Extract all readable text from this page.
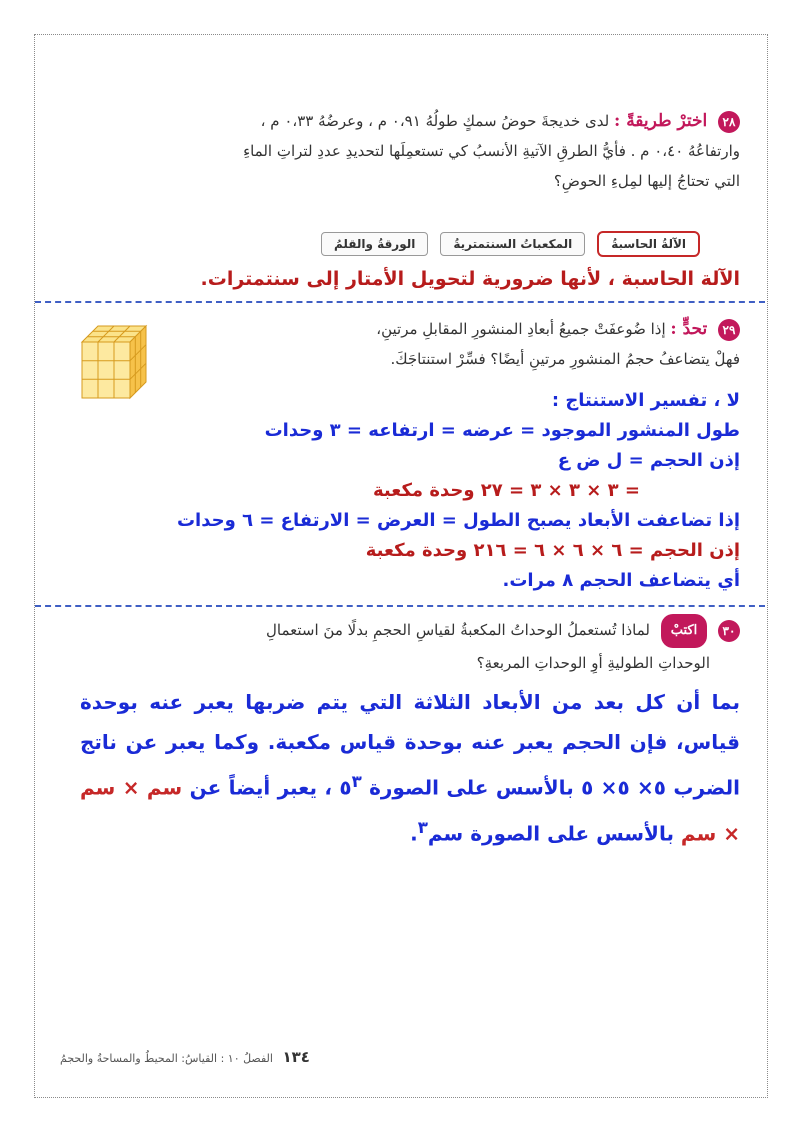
٢٨ اخترْ طريقةً : لدى خديجةَ حوضُ سمكٍ طولُهُ ٠،٩١ م ، وعرضُهُ ٠،٣٣ م ،
وارتفاعُهُ ٠،٤٠ م . فأيُّ الطرقِ الآتيةِ الأنسبُ كي تستعمِلَها لتحديدِ عددِ لتراتِ الماءِ
التي تحتاجُ إليها لمِلءِ الحوضِ؟
الآلةُ الحاسبةُ
المكعباتُ السنتمتريةُ
الورقةُ والقلمُ
الآلة الحاسبة ، لأنها ضرورية لتحويل الأمتار إلى سنتمترات.
٢٩ تحدٍّ : إذا ضُوعفَتْ جميعُ أبعادِ المنشورِ المقابلِ مرتينِ،
فهلْ يتضاعفُ حجمُ المنشورِ مرتينِ أيضًا؟ فسِّرْ استنتاجَكَ.
لا ، تفسير الاستنتاج :
طول المنشور الموجود = عرضه = ارتفاعه = ٣ وحدات
إذن الحجم = ل ض ع
= ٣ × ٣ × ٣ = ٢٧ وحدة مكعبة
إذا تضاعفت الأبعاد يصبح الطول = العرض = الارتفاع = ٦ وحدات
إذن الحجم = ٦ × ٦ × ٦ = ٢١٦ وحدة مكعبة
أي يتضاعف الحجم ٨ مرات.
٣٠ اكتبْ لماذا تُستعملُ الوحداتُ المكعبةُ لقياسِ الحجمِ بدلًا منَ استعمالِ
الوحداتِ الطوليةِ أوِ الوحداتِ المربعةِ؟
بما أن كل بعد من الأبعاد الثلاثة التي يتم ضربها يعبر عنه بوحدة قياس، فإن الحجم يعبر عنه بوحدة قياس مكعبة. وكما يعبر عن ناتج الضرب ٥× ٥× ٥ بالأسس على الصورة $٥^٣$ ، يعبر أيضاً عن سم × سم × سم بالأسس على الصورة سم$^٣$.
١٣٤ الفصلُ ١٠ : القياسُ: المحيطُ والمساحةُ والحجمُ
